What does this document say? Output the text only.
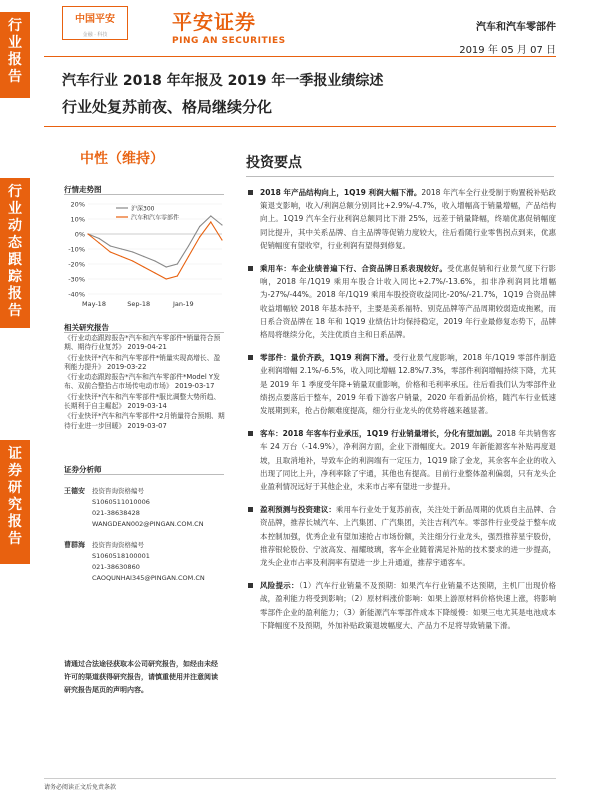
行
业
报
告
行
业
动
态
跟
踪
报
告
证
券
研
究
报
告
中国平安
金融 · 科技
平安证券
PING AN SECURITIES
汽车和汽车零部件
2019 年 05 月 07 日
汽车行业 2018 年年报及 2019 年一季报业绩综述
行业处复苏前夜、格局继续分化
中性（维持）
行情走势图
20%
10%
0%
-10%
-20%
-30%
-40%
May-18	Sep-18	Jan-19
沪深300
汽车和汽车零部件
相关研究报告
《行业动态跟踪报告*汽车和汽车零部件*销量符合预期、期待行业复苏》 2019-04-21
《行业快评*汽车和汽车零部件*销量实现高增长、盈利能力提升》 2019-03-22
《行业动态跟踪报告*汽车和汽车零部件*Model Y发布、双前合整拾占市场传电动市场》 2019-03-17
《行业快评*汽车和汽车零部件*服比调整大势所趋、长期利于自主崛起》 2019-03-14
《行业快评*汽车和汽车零部件*2月销量符合预期、期待行业进一步回暖》 2019-03-07
证券分析师
王德安 投资咨询资格编号
S1060511010006
021-38638428
WANGDEAN002@PINGAN.COM.CN
曹群海 投资咨询资格编号
S1060518100001
021-38630860
CAOQUNHAI345@PINGAN.COM.CN
请通过合法途径获取本公司研究报告，如经由未经许可的渠道获得研究报告，请慎重使用并注意阅读研究报告尾页的声明内容。
投资要点
2018 年产品结构向上，1Q19 利润大幅下滑。2018 年汽车全行业受制于购置税补贴政策退支影响，收入/利润总额分别同比+2.9%/-4.7%，收入增幅高于销量增幅，产品结构向上。1Q19 汽车全行业利润总额同比下滑 25%，远差于销量降幅，终端优惠促销幅度同比提升，其中关系品牌、自主品牌等促销力度较大，往后看随行业零售拐点到来，优惠促销幅度有望收窄，行业利润有望得到修复。
乘用车：车企业绩普遍下行、合资品牌日系表现较好。受优惠促销和行业景气度下行影响，2018 年/1Q19 乘用车股合计收入同比+2.7%/-13.6%，扣非净利润同比增幅为-27%/-44%。2018 年/1Q19 乘用车股投资收益同比-20%/-21.7%，1Q19 合资品牌收益增幅较 2018 年基本持平，主要是美系福特、别克品牌等产品周期较弱造成拖累，而日系合资品牌在 18 年和 1Q19 业绩估计均保持稳定，2019 年行业最修复态势下，品牌格局将继续分化，关注优质自主和日系品牌。
零部件：量价齐跌，1Q19 利润下滑。受行业景气度影响，2018 年/1Q19 零部件制造业利润增幅 2.1%/-6.5%，收入同比增幅 12.8%/7.3%，零部件利润增幅持续下降，尤其是 2019 年 1 季度受年降+销量双重影响，价格和毛利率承压。往后看我们认为零部件业绩拐点要落后于整车，2019 年看下游客户销量，2020 年看新品价格，随汽车行业低速发展期到来，抢占份额难度提高，细分行业龙头的优势将越来越显著。
客车：2018 年客车行业承压，1Q19 行业销量增长，分化有望加剧。2018 年共销售客车 24 万台（-14.9%），净利润方面，企业下滑幅度大。2019 年新能源客车补贴再度退坡，且取消地补，导致车企的利润端有一定压力，1Q19 除了金龙，其余客车企业的收入出现了同比上升，净利率除了宇通，其他也有提高。目前行业整体盈利偏弱，只有龙头企业盈利情况远好于其他企业，未来市占率有望进一步提升。
盈利预测与投资建议：乘用车行业处于复苏前夜，关注处于新品周期的优质自主品牌、合资品牌，推荐长城汽车、上汽集团、广汽集团，关注吉利汽车。零部件行业受益于整车成本控制加强，优秀企业有望加速抢占市场份额，关注细分行业龙头，强烈推荐星宇股份，推荐银轮股份、宁波高发、福耀玻璃，客车企业随着满足补贴的技术要求的进一步提高，龙头企业市占率及利润率有望进一步上升通道，推荐宇通客车。
风险提示：（1）汽车行业销量不及预期：如果汽车行业销量不达预期，主机厂出现价格战，盈利能力将受到影响；（2）原材料涨价影响：如果上游原材料价格快速上涨，将影响零部件企业的盈利能力；（3）新能源汽车零部件成本下降缓慢：如果三电尤其是电池成本下降幅度不及预期，外加补贴政策退坡幅度大、产品力不足将导致销量下滑。
请务必阅读正文后免责条款
